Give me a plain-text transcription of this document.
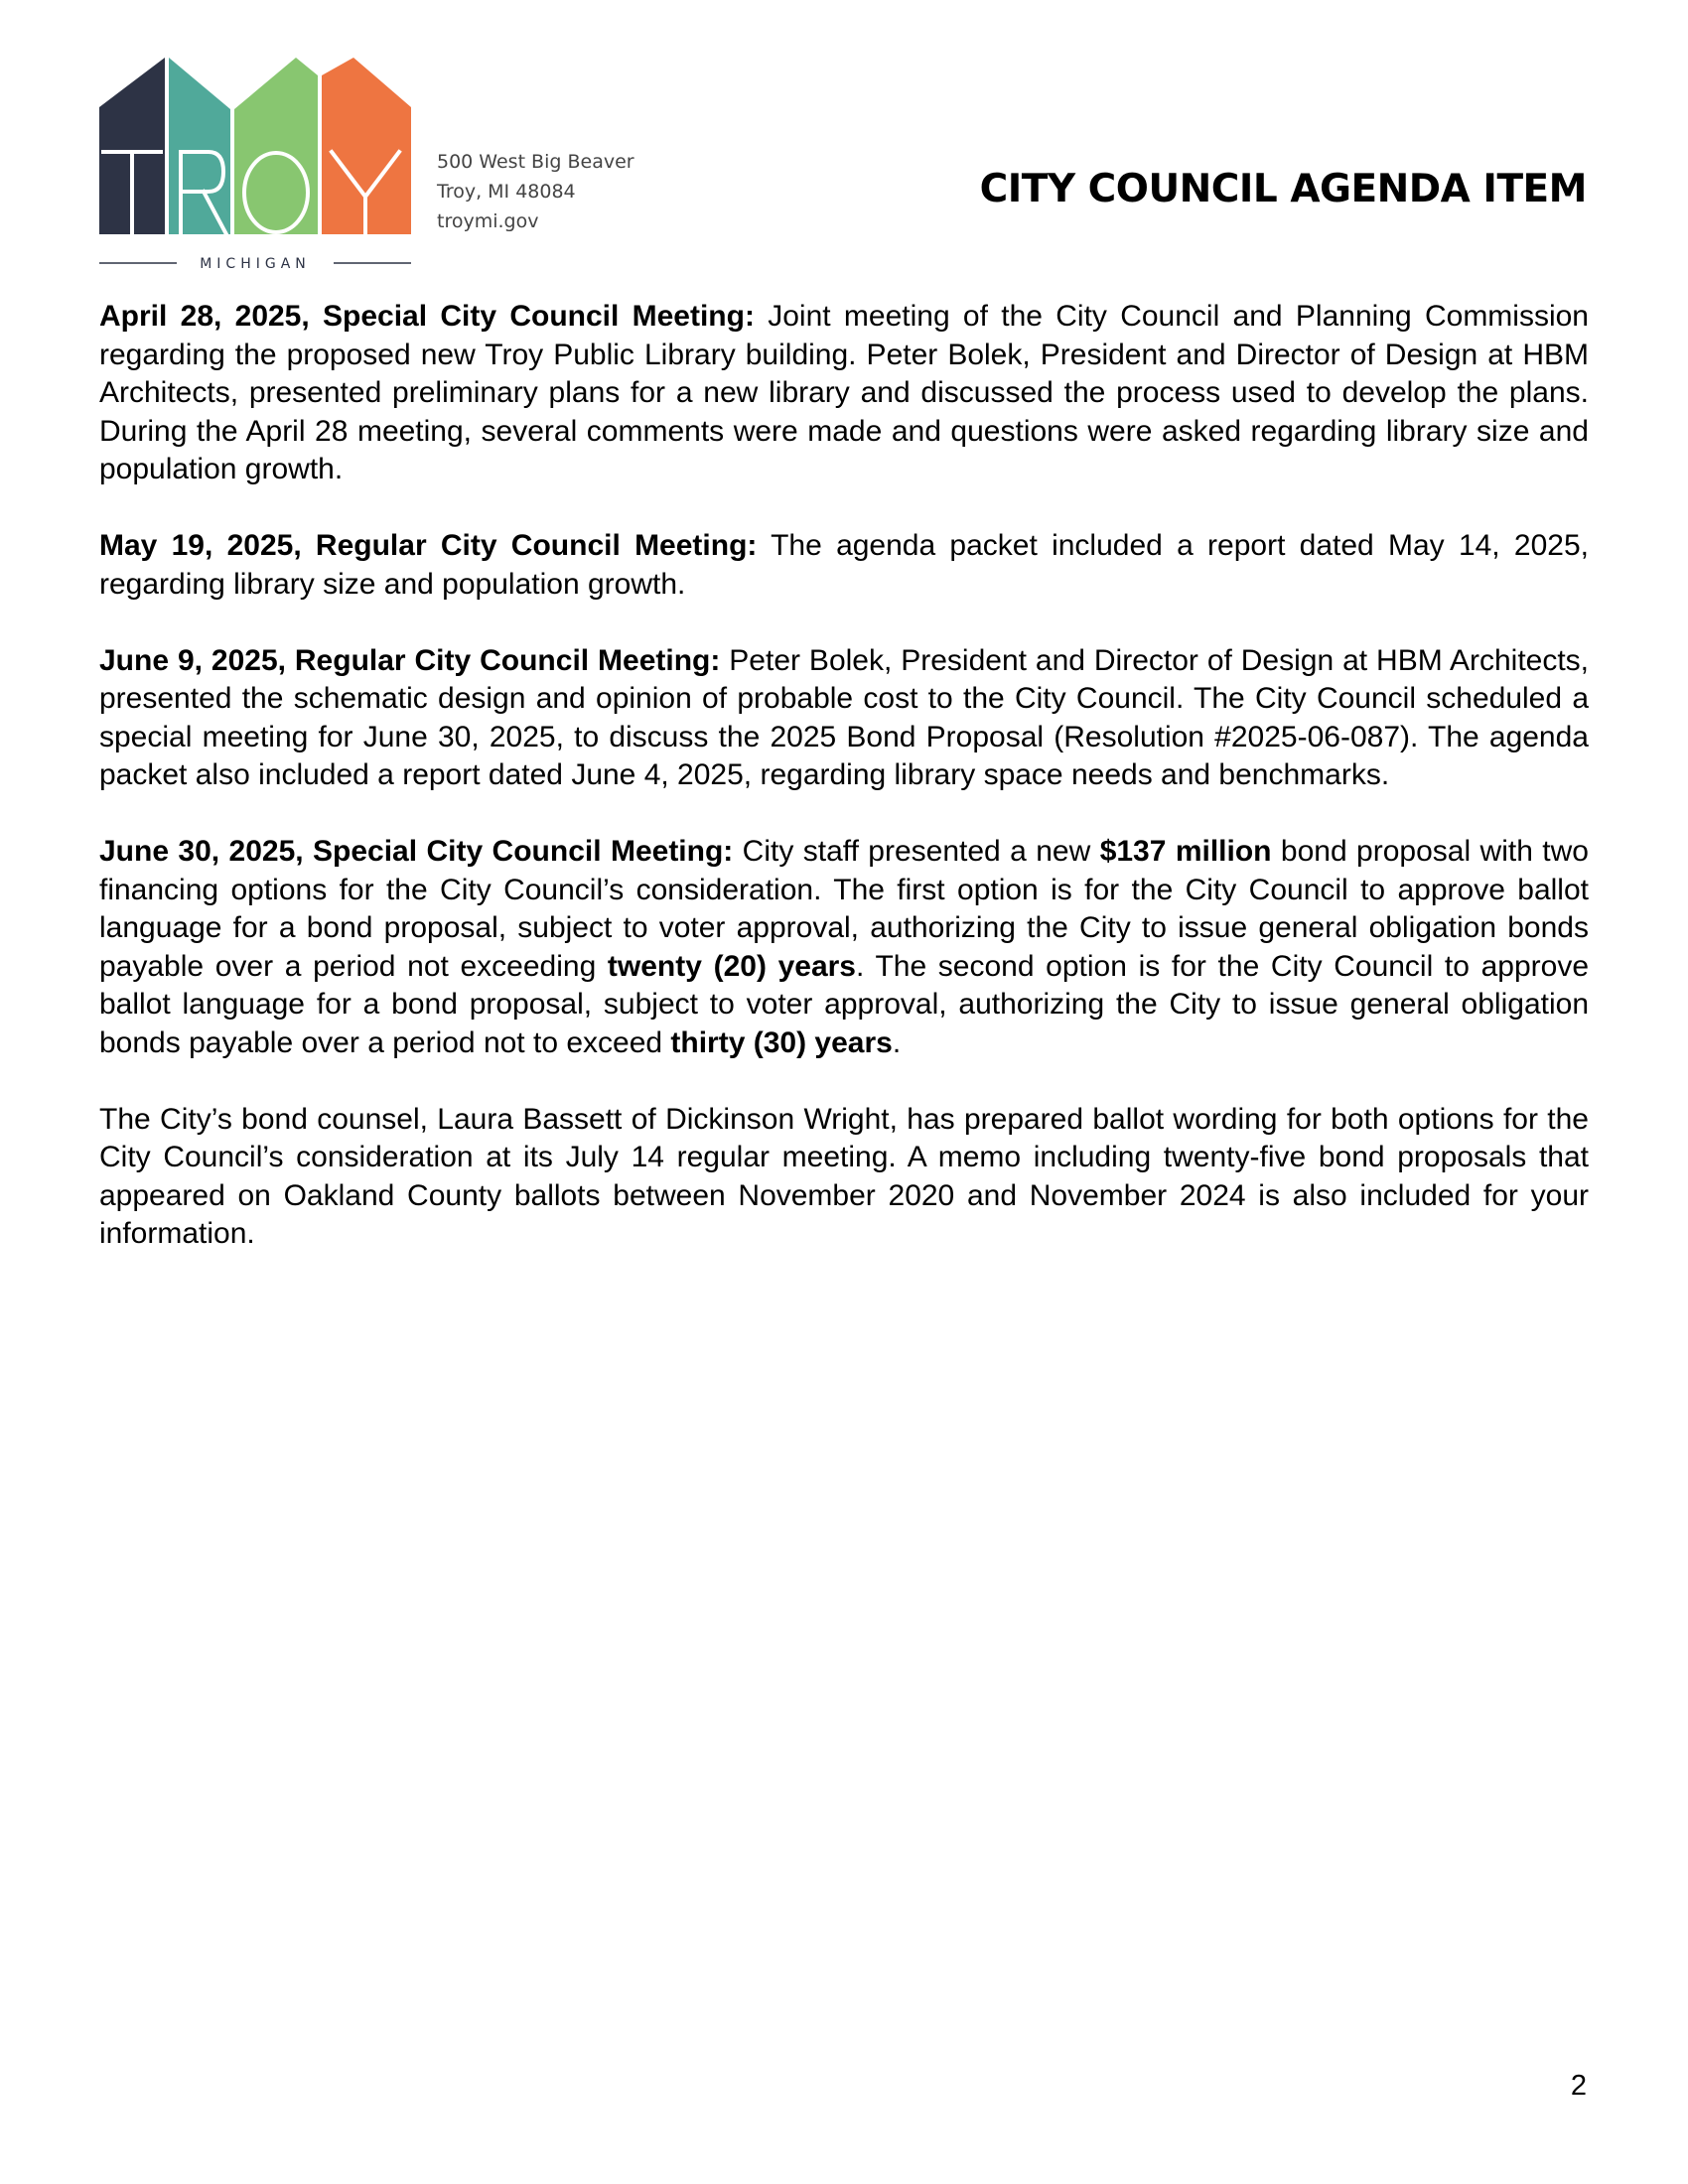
MICHIGAN
500 West Big Beaver
Troy, MI 48084
troymi.gov
CITY COUNCIL AGENDA ITEM

April 28, 2025, Special City Council Meeting: Joint meeting of the City Council and Planning Commission regarding the proposed new Troy Public Library building. Peter Bolek, President and Director of Design at HBM Architects, presented preliminary plans for a new library and discussed the process used to develop the plans. During the April 28 meeting, several comments were made and questions were asked regarding library size and population growth.

May 19, 2025, Regular City Council Meeting: The agenda packet included a report dated May 14, 2025, regarding library size and population growth.

June 9, 2025, Regular City Council Meeting: Peter Bolek, President and Director of Design at HBM Architects, presented the schematic design and opinion of probable cost to the City Council. The City Council scheduled a special meeting for June 30, 2025, to discuss the 2025 Bond Proposal (Resolution #2025-06-087). The agenda packet also included a report dated June 4, 2025, regarding library space needs and benchmarks.

June 30, 2025, Special City Council Meeting: City staff presented a new $137 million bond proposal with two financing options for the City Council’s consideration. The first option is for the City Council to approve ballot language for a bond proposal, subject to voter approval, authorizing the City to issue general obligation bonds payable over a period not exceeding twenty (20) years. The second option is for the City Council to approve ballot language for a bond proposal, subject to voter approval, authorizing the City to issue general obligation bonds payable over a period not to exceed thirty (30) years.

The City’s bond counsel, Laura Bassett of Dickinson Wright, has prepared ballot wording for both options for the City Council’s consideration at its July 14 regular meeting. A memo including twenty-five bond proposals that appeared on Oakland County ballots between November 2020 and November 2024 is also included for your information.

2
